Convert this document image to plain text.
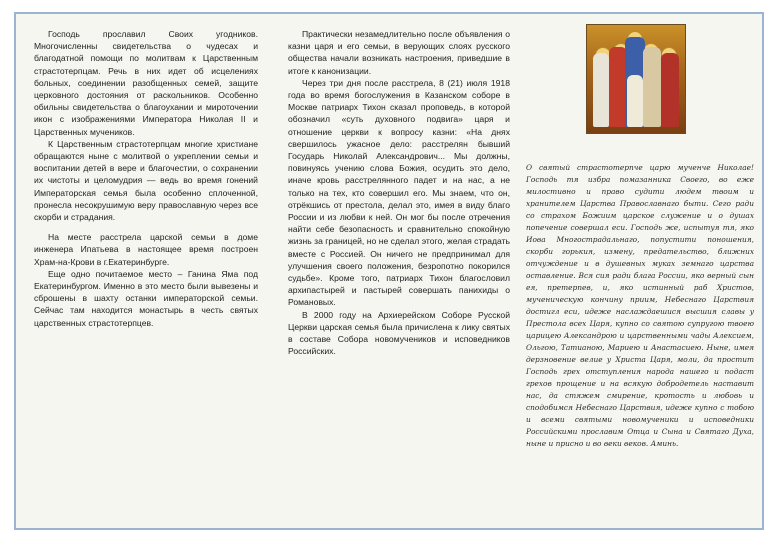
Господь прославил Своих угодников. Многочисленны свидетельства о чудесах и благодатной помощи по молитвам к Царственным страстотерпцам. Речь в них идет об исцелениях больных, соединении разобщенных семей, защите церковного достояния от раскольников. Особенно обильны свидетельства о благоухании и мироточении икон с изображениями Императора Николая II и Царственных мучеников.

К Царственным страстотерпцам многие христиане обращаются ныне с молитвой о укреплении семьи и воспитании детей в вере и благочестии, о сохранении их чистоты и целомудрия — ведь во время гонений Императорская семья была особенно сплоченной, пронесла несокрушимую веру православную через все скорби и страдания.

На месте расстрела царской семьи в доме инженера Ипатьева в настоящее время построен Храм-на-Крови в г.Екатеринбурге.

Еще одно почитаемое место – Ганина Яма под Екатеринбургом. Именно в это место были вывезены и сброшены в шахту останки императорской семьи. Сейчас там находится монастырь в честь святых царственных страстотерпцев.

Практически незамедлительно после объявления о казни царя и его семьи, в верующих слоях русского общества начали возникать настроения, приведшие в итоге к канонизации.

Через три дня после расстрела, 8 (21) июля 1918 года во время богослужения в Казанском соборе в Москве патриарх Тихон сказал проповедь, в которой обозначил «суть духовного подвига» царя и отношение церкви к вопросу казни: «На днях свершилось ужасное дело: расстрелян бывший Государь Николай Александрович... Мы должны, повинуясь учению слова Божия, осудить это дело, иначе кровь расстрелянного падет и на нас, а не только на тех, кто совершил его. Мы знаем, что он, отрёкшись от престола, делал это, имея в виду благо России и из любви к ней. Он мог бы после отречения найти себе безопасность и сравнительно спокойную жизнь за границей, но не сделал этого, желая страдать вместе с Россией. Он ничего не предпринимал для улучшения своего положения, безропотно покорился судьбе». Кроме того, патриарх Тихон благословил архипастырей и пастырей совершать панихиды о Романовых.

В 2000 году на Архиерейском Соборе Русской Церкви царская семья была причислена к лику святых в составе Собора новомучеников и исповедников Российских.

О святый страстотерпче царю мученче Николае! Господь тя избра помазанника Своего, во еже милостивно и право судити людем твоим и хранителем Царства Православнаго быти. Сего ради со страхом Божиим царское служение и о душах попечение совершал еси. Господь же, испытуя тя, яко Иова Многострадальнаго, попустити поношения, скорби горькия, измену, предательство, ближних отчуждение и в душевных муках земнаго царства оставление. Вся сия ради блага России, яко верный сын ея, претерпев, и, яко истинный раб Христов, мученическую кончину приим, Небеснаго Царствия достигл еси, идеже наслаждаешися высшия славы у Престола всех Царя, купно со святою супругою твоею царицею Александрою и царственными чады Алексием, Ольгою, Татианою, Мариею и Анастасиею. Ныне, имея дерзновение велие у Христа Царя, моли, да простит Господь грех отступления народа нашего и подаст грехов прощение и на всякую добродетель наставит нас, да стяжем смирение, кротость и любовь и сподобимся Небеснаго Царствия, идеже купно с тобою и всеми святыми новомученики и исповедники Российскими прославим Отца и Сына и Святаго Духа, ныне и присно и во веки веков. Аминь.
